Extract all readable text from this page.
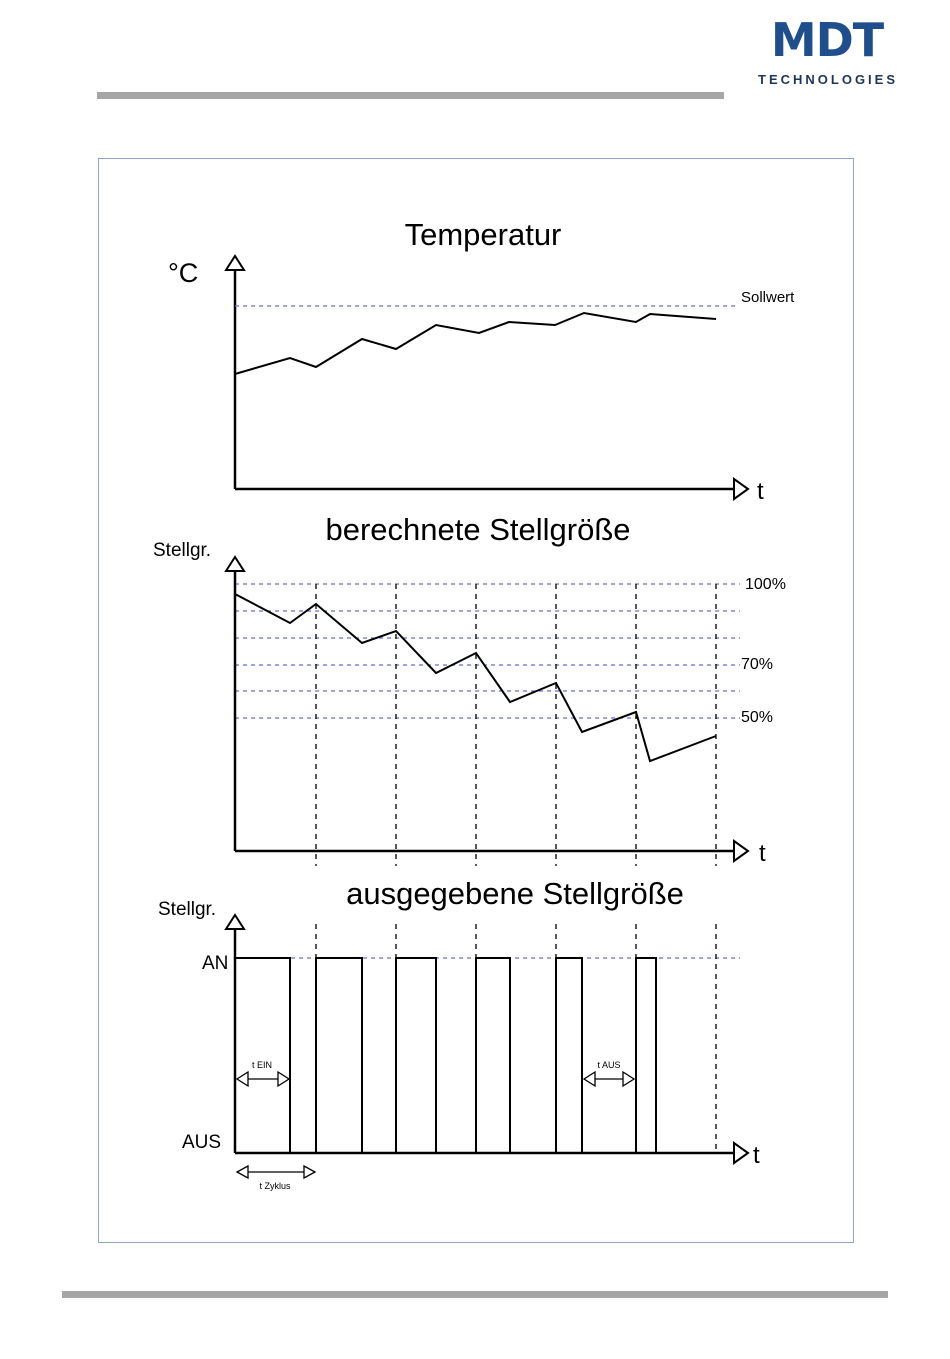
MDT
TECHNOLOGIES
Temperatur
°C
t
Sollwert
berechnete Stellgröße
Stellgr.
100%
70%
50%
t
ausgegebene Stellgröße
Stellgr.
AN
AUS	t
t EIN	t AUS
t Zyklus
